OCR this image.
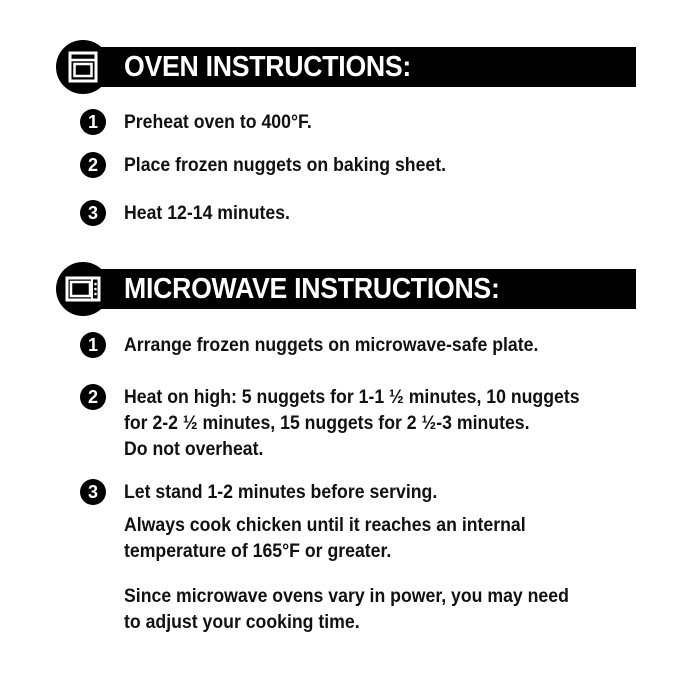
OVEN INSTRUCTIONS:
1	Preheat oven to 400°F.
2	Place frozen nuggets on baking sheet.
3	Heat 12-14 minutes.
MICROWAVE INSTRUCTIONS:
1	Arrange frozen nuggets on microwave-safe plate.
2	Heat on high: 5 nuggets for 1-1 ½ minutes, 10 nuggets
for 2-2 ½ minutes, 15 nuggets for 2 ½-3 minutes.
Do not overheat.
3	Let stand 1-2 minutes before serving.
Always cook chicken until it reaches an internal
temperature of 165°F or greater.
Since microwave ovens vary in power, you may need
to adjust your cooking time.
